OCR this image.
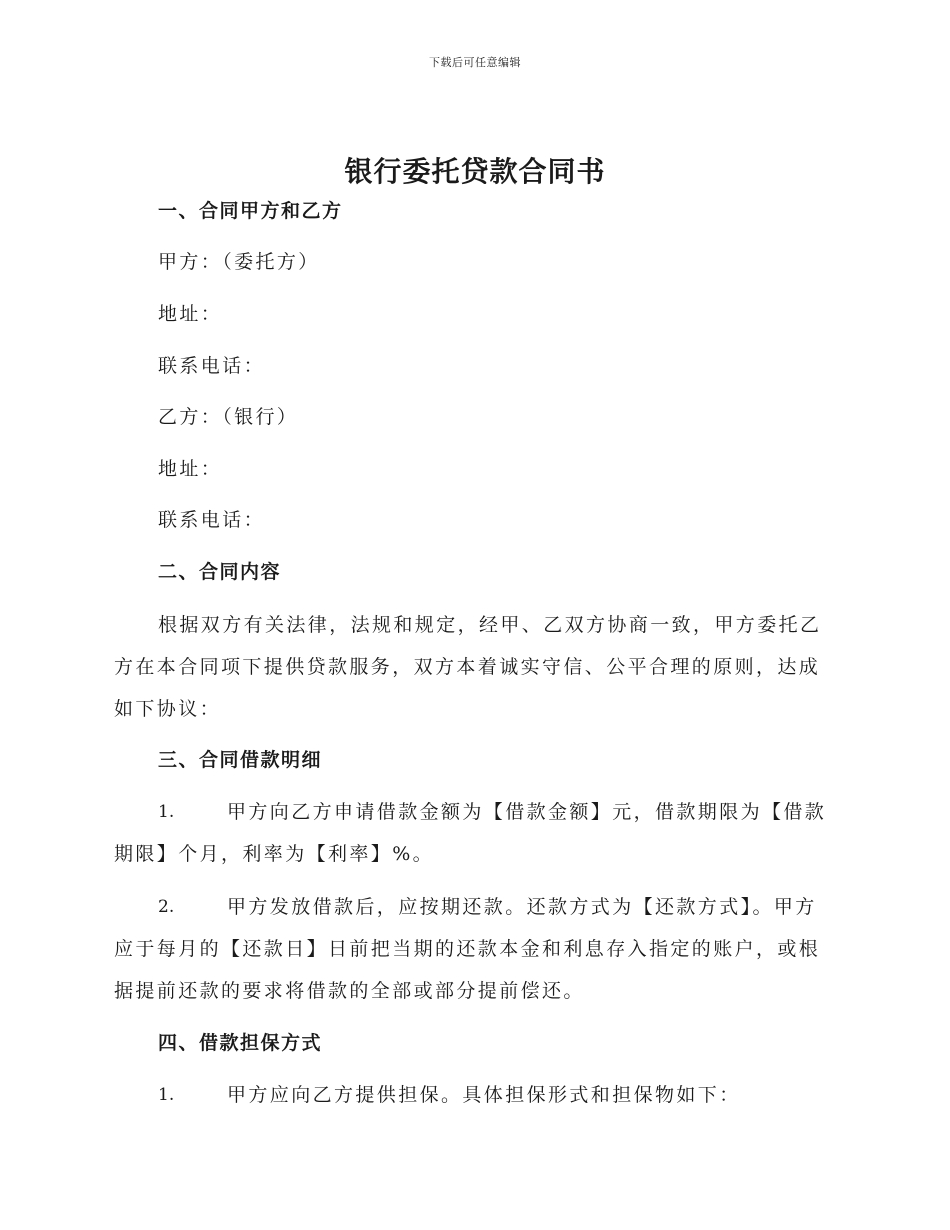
下载后可任意编辑
银行委托贷款合同书
一、合同甲方和乙方
甲方：（委托方）
地址：
联系电话：
乙方：（银行）
地址：
联系电话：
二、合同内容
根据双方有关法律，法规和规定，经甲、乙双方协商一致，甲方委托乙
方在本合同项下提供贷款服务，双方本着诚实守信、公平合理的原则，达成
如下协议：
三、合同借款明细
1.	甲方向乙方申请借款金额为【借款金额】元，借款期限为【借款
期限】个月，利率为【利率】%。
2.	甲方发放借款后，应按期还款。还款方式为【还款方式】。甲方
应于每月的【还款日】日前把当期的还款本金和利息存入指定的账户，或根
据提前还款的要求将借款的全部或部分提前偿还。
四、借款担保方式
1.	甲方应向乙方提供担保。具体担保形式和担保物如下：
